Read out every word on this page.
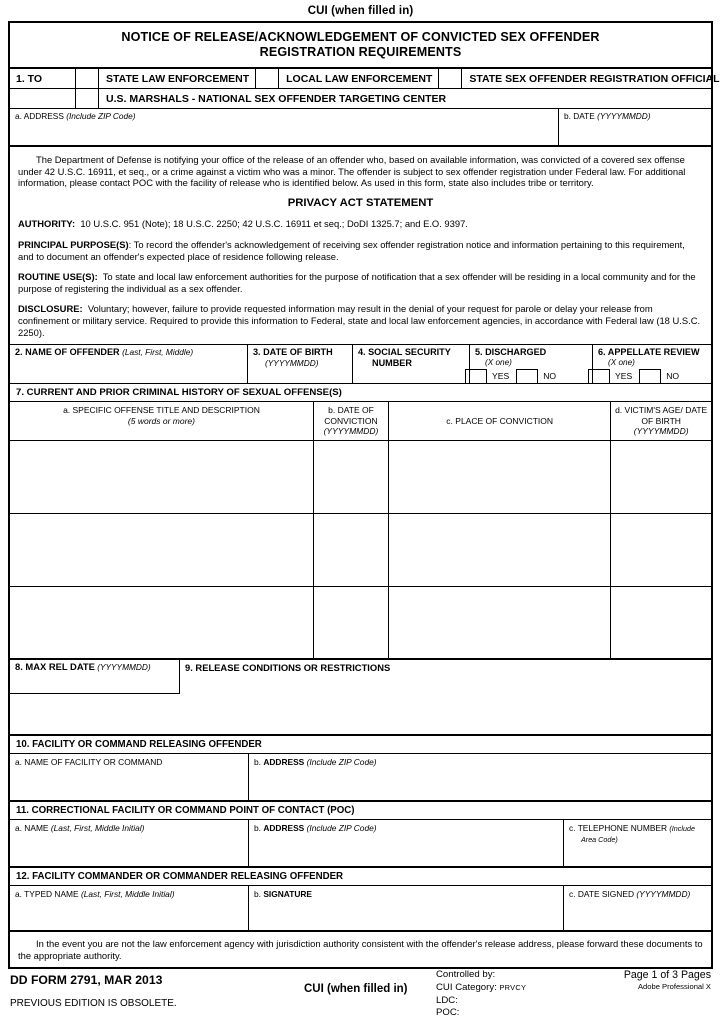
CUI (when filled in)
NOTICE OF RELEASE/ACKNOWLEDGEMENT OF CONVICTED SEX OFFENDER
REGISTRATION REQUIREMENTS
1. TO	STATE LAW ENFORCEMENT	LOCAL LAW ENFORCEMENT	STATE SEX OFFENDER REGISTRATION OFFICIAL
U.S. MARSHALS - NATIONAL SEX OFFENDER TARGETING CENTER
a. ADDRESS (Include ZIP Code)	b. DATE (YYYYMMDD)

The Department of Defense is notifying your office of the release of an offender who, based on available information, was convicted of a covered sex offense under 42 U.S.C. 16911, et seq., or a crime against a victim who was a minor. The offender is subject to sex offender registration under Federal law. For additional information, please contact POC with the facility of release who is identified below. As used in this form, state also includes tribe or territory.

PRIVACY ACT STATEMENT

AUTHORITY: 10 U.S.C. 951 (Note); 18 U.S.C. 2250; 42 U.S.C. 16911 et seq.; DoDI 1325.7; and E.O. 9397.

PRINCIPAL PURPOSE(S): To record the offender's acknowledgement of receiving sex offender registration notice and information pertaining to this requirement, and to document an offender's expected place of residence following release.

ROUTINE USE(S): To state and local law enforcement authorities for the purpose of notification that a sex offender will be residing in a local community and for the purpose of registering the individual as a sex offender.

DISCLOSURE: Voluntary; however, failure to provide requested information may result in the denial of your request for parole or delay your release from confinement or military service. Required to provide this information to Federal, state and local law enforcement agencies, in accordance with Federal law (18 U.S.C. 2250).

2. NAME OF OFFENDER (Last, First, Middle)	3. DATE OF BIRTH
(YYYYMMDD)
4. SOCIAL SECURITY
NUMBER
5. DISCHARGED
(X one)
YES	NO
6. APPELLATE REVIEW
(X one)
YES	NO
7. CURRENT AND PRIOR CRIMINAL HISTORY OF SEXUAL OFFENSE(S)
a. SPECIFIC OFFENSE TITLE AND DESCRIPTION
(5 words or more)

b. DATE OF CONVICTION
(YYYYMMDD)

c. PLACE OF CONVICTION

d. VICTIM'S AGE/ DATE OF BIRTH
(YYYYMMDD)

8. MAX REL DATE (YYYYMMDD)	9. RELEASE CONDITIONS OR RESTRICTIONS
10. FACILITY OR COMMAND RELEASING OFFENDER
a. NAME OF FACILITY OR COMMAND	b. ADDRESS (Include ZIP Code)
11. CORRECTIONAL FACILITY OR COMMAND POINT OF CONTACT (POC)
a. NAME (Last, First, Middle Initial)	b. ADDRESS (Include ZIP Code)	c. TELEPHONE NUMBER (Include
Area Code)
12. FACILITY COMMANDER OR COMMANDER RELEASING OFFENDER
a. TYPED NAME (Last, First, Middle Initial)	b. SIGNATURE	c. DATE SIGNED (YYYYMMDD)

In the event you are not the law enforcement agency with jurisdiction authority consistent with the offender's release address, please forward these documents to the appropriate authority.

DD FORM 2791, MAR 2013
PREVIOUS EDITION IS OBSOLETE.
CUI (when filled in)
Controlled by:
CUI Category: PRVCY
LDC:
POC:
Page 1 of 3 Pages
Adobe Professional X
